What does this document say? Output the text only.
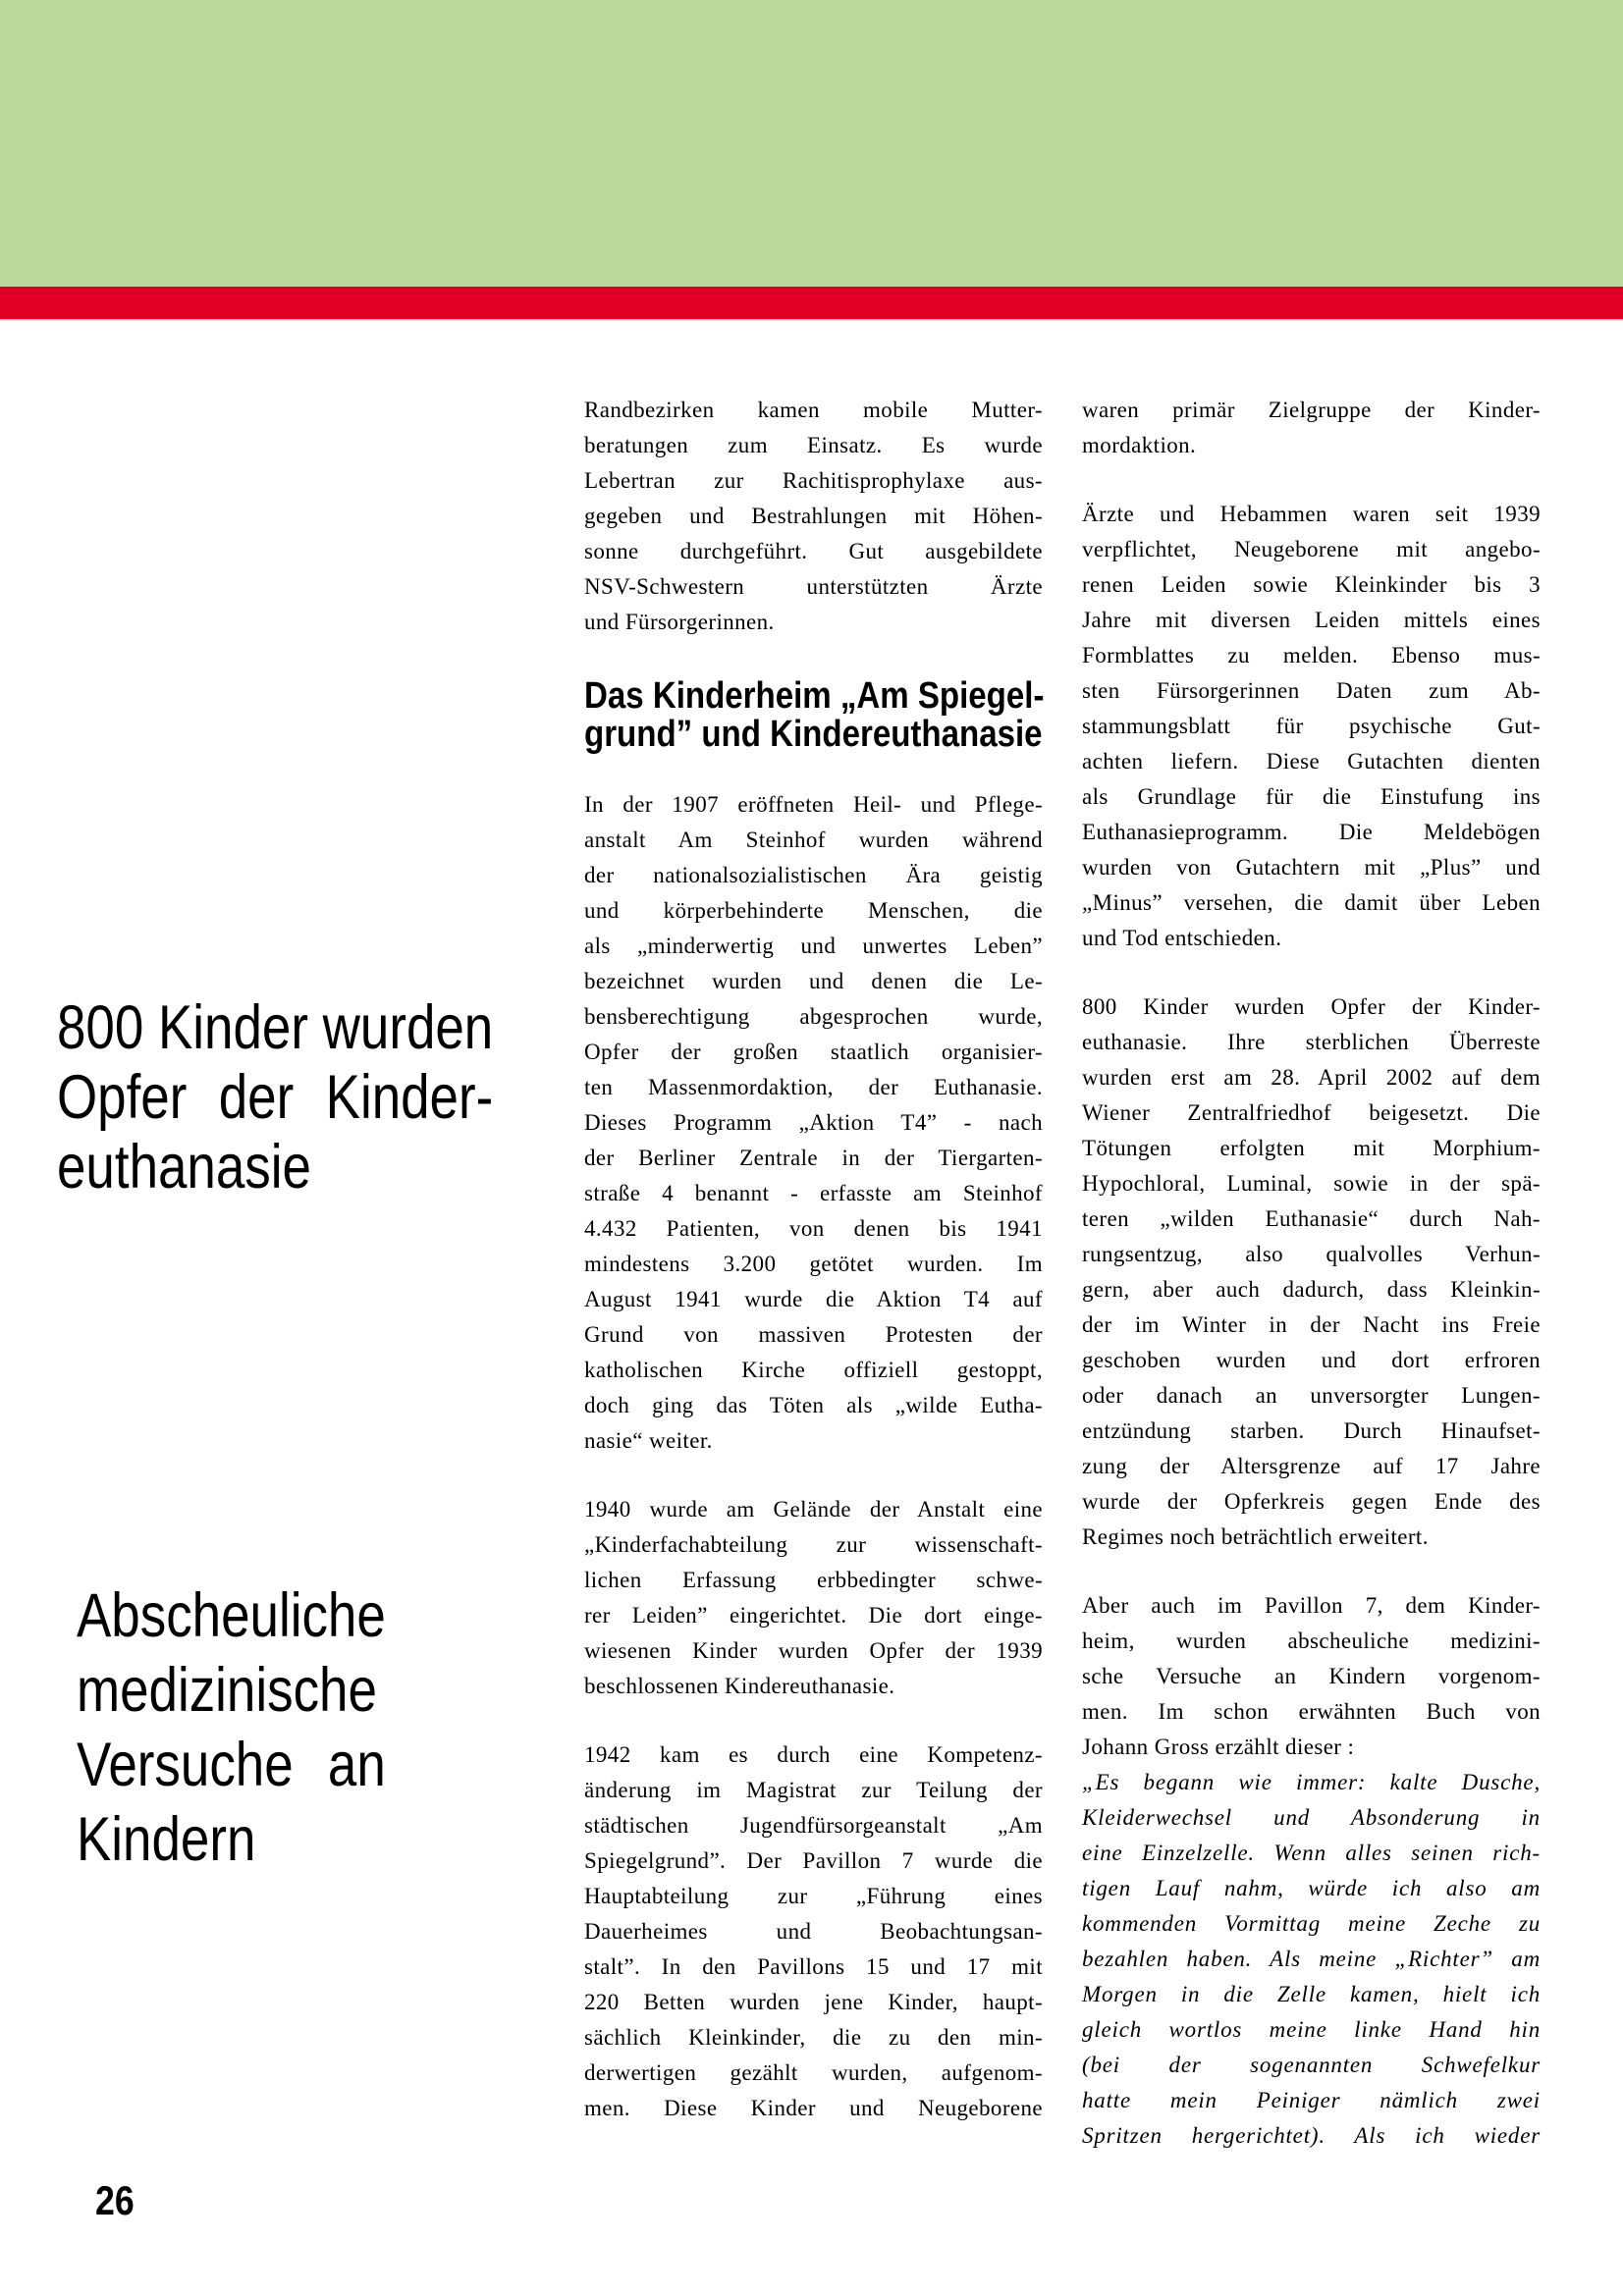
800 Kinder wurden
Opfer der Kinder-
euthanasie
Abscheuliche
medizinische
Versuche an
Kindern
Randbezirken kamen mobile Mutter-
beratungen zum Einsatz. Es wurde
Lebertran zur Rachitisprophylaxe aus-
gegeben und Bestrahlungen mit Höhen-
sonne durchgeführt. Gut ausgebildete
NSV-Schwestern unterstützten Ärzte
und Fürsorgerinnen.
Das Kinderheim „Am Spiegel-
grund” und Kindereuthanasie
In der 1907 eröffneten Heil- und Pflege-
anstalt Am Steinhof wurden während
der nationalsozialistischen Ära geistig
und körperbehinderte Menschen, die
als „minderwertig und unwertes Leben”
bezeichnet wurden und denen die Le-
bensberechtigung abgesprochen wurde,
Opfer der großen staatlich organisier-
ten Massenmordaktion, der Euthanasie.
Dieses Programm „Aktion T4” - nach
der Berliner Zentrale in der Tiergarten-
straße 4 benannt - erfasste am Steinhof
4.432 Patienten, von denen bis 1941
mindestens 3.200 getötet wurden. Im
August 1941 wurde die Aktion T4 auf
Grund von massiven Protesten der
katholischen Kirche offiziell gestoppt,
doch ging das Töten als „wilde Eutha-
nasie“ weiter.
1940 wurde am Gelände der Anstalt eine
„Kinderfachabteilung zur wissenschaft-
lichen Erfassung erbbedingter schwe-
rer Leiden” eingerichtet. Die dort einge-
wiesenen Kinder wurden Opfer der 1939
beschlossenen Kindereuthanasie.
1942 kam es durch eine Kompetenz-
änderung im Magistrat zur Teilung der
städtischen Jugendfürsorgeanstalt „Am
Spiegelgrund”. Der Pavillon 7 wurde die
Hauptabteilung zur „Führung eines
Dauerheimes und Beobachtungsan-
stalt”. In den Pavillons 15 und 17 mit
220 Betten wurden jene Kinder, haupt-
sächlich Kleinkinder, die zu den min-
derwertigen gezählt wurden, aufgenom-
men. Diese Kinder und Neugeborene
waren primär Zielgruppe der Kinder-
mordaktion.
Ärzte und Hebammen waren seit 1939
verpflichtet, Neugeborene mit angebo-
renen Leiden sowie Kleinkinder bis 3
Jahre mit diversen Leiden mittels eines
Formblattes zu melden. Ebenso mus-
sten Fürsorgerinnen Daten zum Ab-
stammungsblatt für psychische Gut-
achten liefern. Diese Gutachten dienten
als Grundlage für die Einstufung ins
Euthanasieprogramm. Die Meldebögen
wurden von Gutachtern mit „Plus” und
„Minus” versehen, die damit über Leben
und Tod entschieden.
800 Kinder wurden Opfer der Kinder-
euthanasie. Ihre sterblichen Überreste
wurden erst am 28. April 2002 auf dem
Wiener Zentralfriedhof beigesetzt. Die
Tötungen erfolgten mit Morphium-
Hypochloral, Luminal, sowie in der spä-
teren „wilden Euthanasie“ durch Nah-
rungsentzug, also qualvolles Verhun-
gern, aber auch dadurch, dass Kleinkin-
der im Winter in der Nacht ins Freie
geschoben wurden und dort erfroren
oder danach an unversorgter Lungen-
entzündung starben. Durch Hinaufset-
zung der Altersgrenze auf 17 Jahre
wurde der Opferkreis gegen Ende des
Regimes noch beträchtlich erweitert.
Aber auch im Pavillon 7, dem Kinder-
heim, wurden abscheuliche medizini-
sche Versuche an Kindern vorgenom-
men. Im schon erwähnten Buch von
Johann Gross erzählt dieser :
„Es begann wie immer: kalte Dusche,
Kleiderwechsel und Absonderung in
eine Einzelzelle. Wenn alles seinen rich-
tigen Lauf nahm, würde ich also am
kommenden Vormittag meine Zeche zu
bezahlen haben. Als meine „Richter” am
Morgen in die Zelle kamen, hielt ich
gleich wortlos meine linke Hand hin
(bei der sogenannten Schwefelkur
hatte mein Peiniger nämlich zwei
Spritzen hergerichtet). Als ich wieder
26
